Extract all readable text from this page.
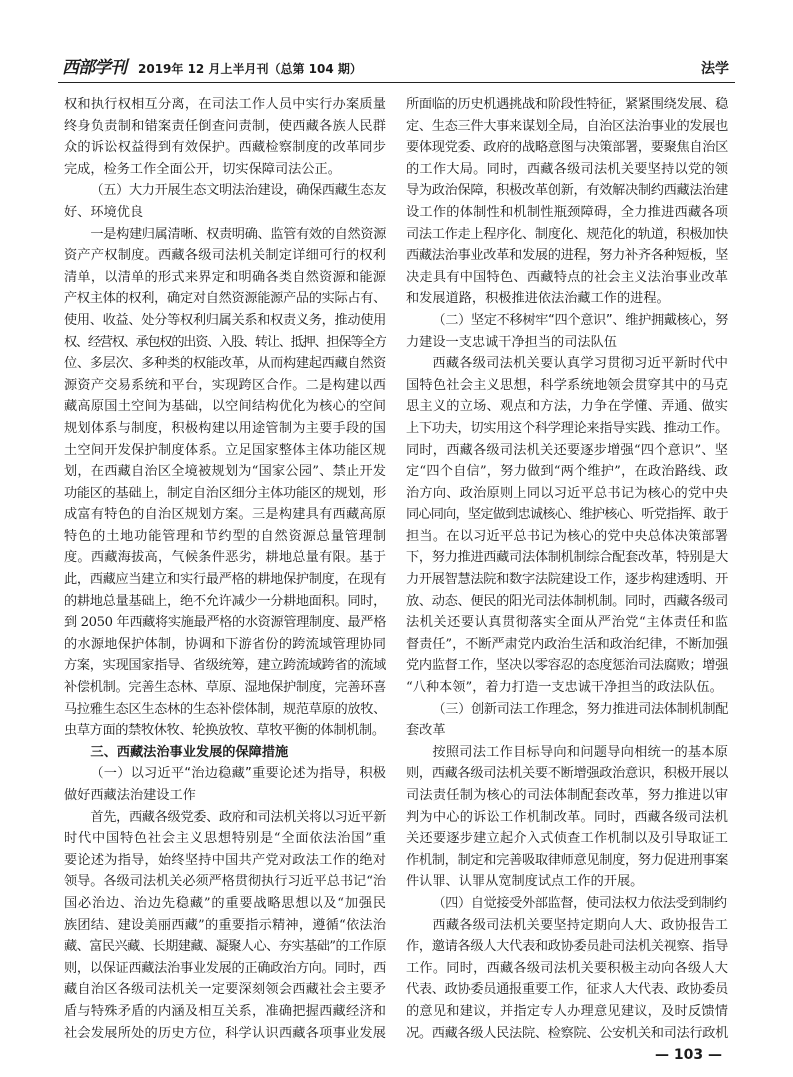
西部学刊 2019年 12 月上半月刊（总第 104 期）	法学
权和执行权相互分离，在司法工作人员中实行办案质量
终身负责制和错案责任倒查问责制，使西藏各族人民群
众的诉讼权益得到有效保护。西藏检察制度的改革同步
完成，检务工作全面公开，切实保障司法公正。
（五）大力开展生态文明法治建设，确保西藏生态友
好、环境优良
一是构建归属清晰、权责明确、监管有效的自然资源
资产产权制度。西藏各级司法机关制定详细可行的权利
清单，以清单的形式来界定和明确各类自然资源和能源
产权主体的权利，确定对自然资源能源产品的实际占有、
使用、收益、处分等权利归属关系和权责义务，推动使用
权、经营权、承包权的出资、入股、转让、抵押、担保等全方
位、多层次、多种类的权能改革，从而构建起西藏自然资
源资产交易系统和平台，实现跨区合作。二是构建以西
藏高原国土空间为基础，以空间结构优化为核心的空间
规划体系与制度，积极构建以用途管制为主要手段的国
土空间开发保护制度体系。立足国家整体主体功能区规
划，在西藏自治区全境被规划为“国家公园”、禁止开发
功能区的基础上，制定自治区细分主体功能区的规划，形
成富有特色的自治区规划方案。三是构建具有西藏高原
特色的土地功能管理和节约型的自然资源总量管理制
度。西藏海拔高，气候条件恶劣，耕地总量有限。基于
此，西藏应当建立和实行最严格的耕地保护制度，在现有
的耕地总量基础上，绝不允许减少一分耕地面积。同时，
到 2050 年西藏将实施最严格的水资源管理制度、最严格
的水源地保护体制，协调和下游省份的跨流域管理协同
方案，实现国家指导、省级统筹，建立跨流域跨省的流域
补偿机制。完善生态林、草原、湿地保护制度，完善环喜
马拉雅生态区生态林的生态补偿体制，规范草原的放牧、
虫草方面的禁牧休牧、轮换放牧、草牧平衡的体制机制。
三、西藏法治事业发展的保障措施
（一）以习近平“治边稳藏”重要论述为指导，积极
做好西藏法治建设工作
首先，西藏各级党委、政府和司法机关将以习近平新
时代中国特色社会主义思想特别是“全面依法治国”重
要论述为指导，始终坚持中国共产党对政法工作的绝对
领导。各级司法机关必须严格贯彻执行习近平总书记“治
国必治边、治边先稳藏”的重要战略思想以及“加强民
族团结、建设美丽西藏”的重要指示精神，遵循“依法治
藏、富民兴藏、长期建藏、凝聚人心、夯实基础”的工作原
则，以保证西藏法治事业发展的正确政治方向。同时，西
藏自治区各级司法机关一定要深刻领会西藏社会主要矛
盾与特殊矛盾的内涵及相互关系，准确把握西藏经济和
社会发展所处的历史方位，科学认识西藏各项事业发展
所面临的历史机遇挑战和阶段性特征，紧紧围绕发展、稳
定、生态三件大事来谋划全局，自治区法治事业的发展也
要体现党委、政府的战略意图与决策部署，要聚焦自治区
的工作大局。同时，西藏各级司法机关要坚持以党的领
导为政治保障，积极改革创新，有效解决制约西藏法治建
设工作的体制性和机制性瓶颈障碍，全力推进西藏各项
司法工作走上程序化、制度化、规范化的轨道，积极加快
西藏法治事业改革和发展的进程，努力补齐各种短板，坚
决走具有中国特色、西藏特点的社会主义法治事业改革
和发展道路，积极推进依法治藏工作的进程。
（二）坚定不移树牢“四个意识”、维护拥戴核心，努
力建设一支忠诚干净担当的司法队伍
西藏各级司法机关要认真学习贯彻习近平新时代中
国特色社会主义思想，科学系统地领会贯穿其中的马克
思主义的立场、观点和方法，力争在学懂、弄通、做实
上下功夫，切实用这个科学理论来指导实践、推动工作。
同时，西藏各级司法机关还要逐步增强“四个意识”、坚
定“四个自信”，努力做到“两个维护”，在政治路线、政
治方向、政治原则上同以习近平总书记为核心的党中央
同心同向，坚定做到忠诚核心、维护核心、听党指挥、敢于
担当。在以习近平总书记为核心的党中央总体决策部署
下，努力推进西藏司法体制机制综合配套改革，特别是大
力开展智慧法院和数字法院建设工作，逐步构建透明、开
放、动态、便民的阳光司法体制机制。同时，西藏各级司
法机关还要认真贯彻落实全面从严治党“主体责任和监
督责任”，不断严肃党内政治生活和政治纪律，不断加强
党内监督工作，坚决以零容忍的态度惩治司法腐败；增强
“八种本领”，着力打造一支忠诚干净担当的政法队伍。
（三）创新司法工作理念，努力推进司法体制机制配
套改革
按照司法工作目标导向和问题导向相统一的基本原
则，西藏各级司法机关要不断增强政治意识，积极开展以
司法责任制为核心的司法体制配套改革，努力推进以审
判为中心的诉讼工作机制改革。同时，西藏各级司法机
关还要逐步建立起介入式侦查工作机制以及引导取证工
作机制，制定和完善吸取律师意见制度，努力促进刑事案
件认罪、认罪从宽制度试点工作的开展。
（四）自觉接受外部监督，使司法权力依法受到制约
西藏各级司法机关要坚持定期向人大、政协报告工
作，邀请各级人大代表和政协委员赴司法机关视察、指导
工作。同时，西藏各级司法机关要积极主动向各级人大
代表、政协委员通报重要工作，征求人大代表、政协委员
的意见和建议，并指定专人办理意见建议，及时反馈情
况。西藏各级人民法院、检察院、公安机关和司法行政机
— 103 —
